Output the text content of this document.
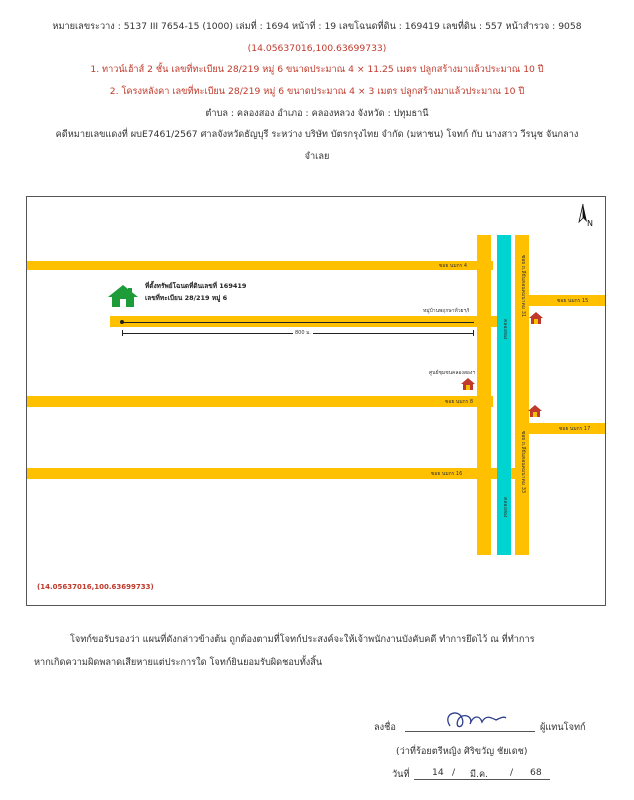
หมายเลขระวาง : 5137 III 7654-15 (1000) เล่มที่ : 1694 หน้าที่ : 19 เลขโฉนดที่ดิน : 169419 เลขที่ดิน : 557 หน้าสำรวจ : 9058
(14.05637016,100.63699733)
1. ทาวน์เฮ้าส์ 2 ชั้น เลขที่ทะเบียน 28/219 หมู่ 6 ขนาดประมาณ 4 × 11.25 เมตร ปลูกสร้างมาแล้วประมาณ 10 ปี
2. โครงหลังคา เลขที่ทะเบียน 28/219 หมู่ 6 ขนาดประมาณ 4 × 3 เมตร ปลูกสร้างมาแล้วประมาณ 10 ปี
ตำบล : คลองสอง อำเภอ : คลองหลวง จังหวัด : ปทุมธานี
คดีหมายเลขแดงที่ ผบE7461/2567 ศาลจังหวัดธัญบุรี ระหว่าง บริษัท บัตรกรุงไทย จำกัด (มหาชน) โจทก์ กับ นางสาว วีรนุช จันกลาง
จำเลย
ซอย นมกร 4
ซอย นมกร 8
ซอย นมกร 16
ซอย นมกร 15
ซอย นมกร 17
ซอย ถ.ลียันตอนคมนาคม 31
ซอย ถ.ลียันตอนคมนาคม 33
คลองสอง
คลองสอง
หมู่บ้านพฤกษาห้วยฯ/I
800 ม.
ศูนย์ชุมชนคลองสองฯ
ที่ตั้งทรัพย์โฉนดที่ดินเลขที่ 169419
เลขที่ทะเบียน 28/219 หมู่ 6
N
(14.05637016,100.63699733)
โจทก์ขอรับรองว่า แผนที่ดังกล่าวข้างต้น ถูกต้องตามที่โจทก์ประสงค์จะให้เจ้าพนักงานบังคับคดี ทำการยึดไว้ ณ ที่ทำการ
หากเกิดความผิดพลาดเสียหายแต่ประการใด โจทก์ยินยอมรับผิดชอบทั้งสิ้น
ลงชื่อ	ผู้แทนโจทก์
(ว่าที่ร้อยตรีหญิง ศิริขวัญ ชัยเดช)
วันที่ 14 / มี.ค. / 68
